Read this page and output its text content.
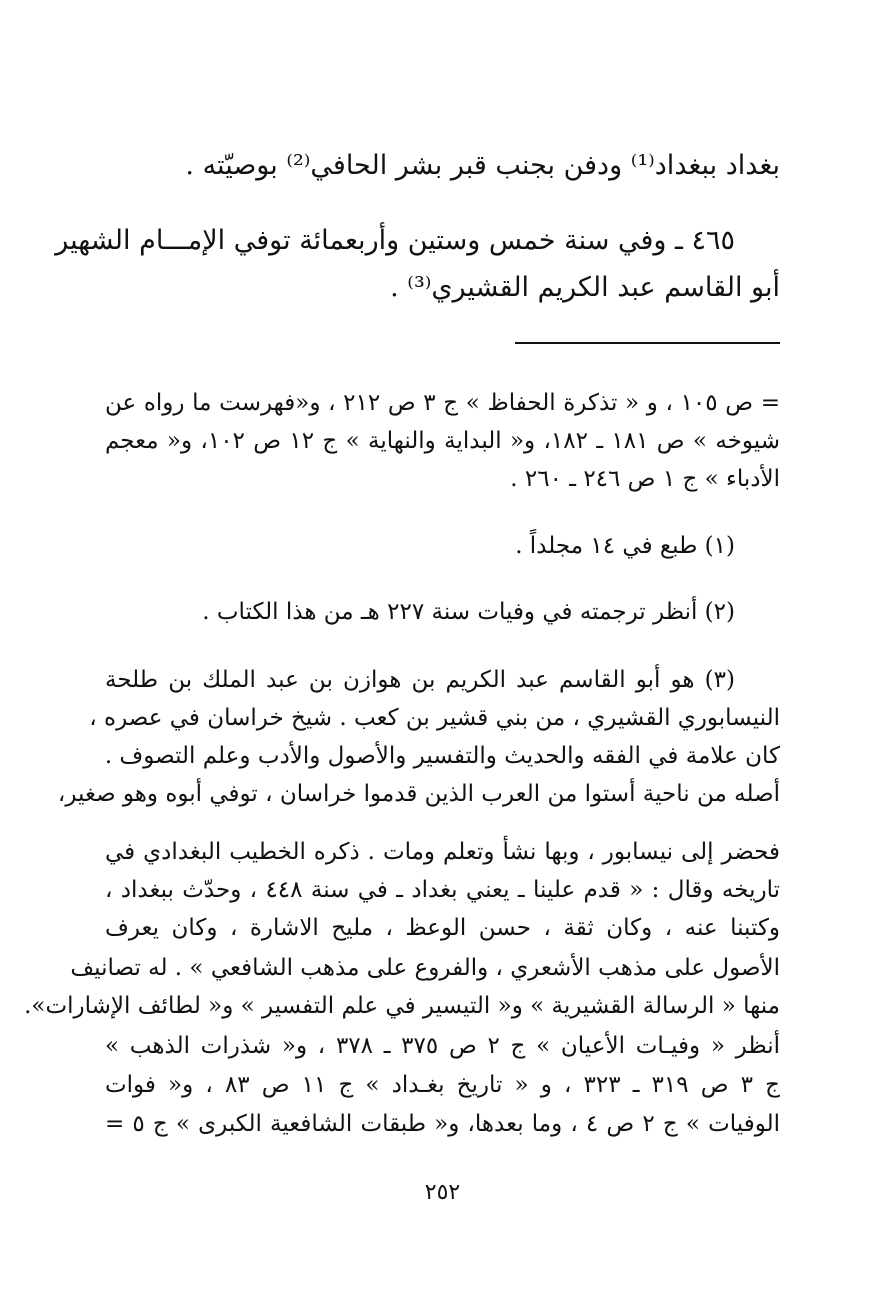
بغداد ببغداد⁽¹⁾ ودفن بجنب قبر بشر الحافي⁽²⁾ بوصيّته .
٤٦٥ ـ وفي سنة خمس وستين وأربعمائة توفي الإمـــام الشهير
أبو القاسم عبد الكريم القشيري⁽³⁾ .
= ص ١٠٥ ، و « تذكرة الحفاظ » ج ٣ ص ٢١٢ ، و«فهرست ما رواه عن
شيوخه » ص ١٨١ ـ ١٨٢، و« البداية والنهاية » ج ١٢ ص ١٠٢، و« معجم
الأدباء » ج ١ ص ٢٤٦ ـ ٢٦٠ .
(١) طبع في ١٤ مجلداً .
(٢) أنظر ترجمته في وفيات سنة ٢٢٧ هـ من هذا الكتاب .
(٣) هو أبو القاسم عبد الكريم بن هوازن بن عبد الملك بن طلحة
النيسابوري القشيري ، من بني قشير بن كعب . شيخ خراسان في عصره ،
كان علامة في الفقه والحديث والتفسير والأصول والأدب وعلم التصوف .
أصله من ناحية أستوا من العرب الذين قدموا خراسان ، توفي أبوه وهو صغير،
فحضر إلى نيسابور ، وبها نشأ وتعلم ومات . ذكره الخطيب البغدادي في
تاريخه وقال : « قدم علينا ـ يعني بغداد ـ في سنة ٤٤٨ ، وحدّث ببغداد ،
وكتبنا عنه ، وكان ثقة ، حسن الوعظ ، مليح الاشارة ، وكان يعرف
الأصول على مذهب الأشعري ، والفروع على مذهب الشافعي » . له تصانيف
منها « الرسالة القشيرية » و« التيسير في علم التفسير » و« لطائف الإشارات».
أنظر « وفيـات الأعيان » ج ٢ ص ٣٧٥ ـ ٣٧٨ ، و« شذرات الذهب »
ج ٣ ص ٣١٩ ـ ٣٢٣ ، و « تاريخ بغـداد » ج ١١ ص ٨٣ ، و« فوات
الوفيات » ج ٢ ص ٤ ، وما بعدها، و« طبقات الشافعية الكبرى » ج ٥ =
٢٥٢
